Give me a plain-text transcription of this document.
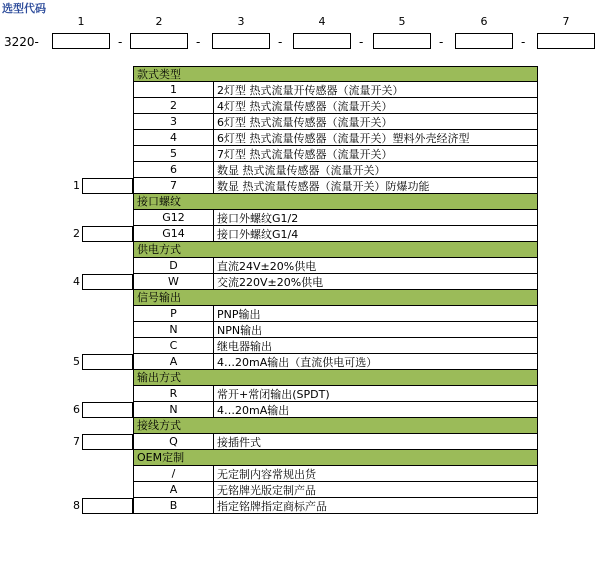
选型代码
3220-
1
-
2
-
3
-
4
-
5
-
6
-
7
款式类型
1	2灯型 热式流量开传感器（流量开关）
2	4灯型 热式流量传感器（流量开关）
3	6灯型 热式流量传感器（流量开关）
4	6灯型 热式流量传感器（流量开关）塑料外壳经济型
5	7灯型 热式流量传感器（流量开关）
6	数显 热式流量传感器（流量开关）
7	数显 热式流量传感器（流量开关）防爆功能
接口螺纹
G12	接口外螺纹G1/2
G14	接口外螺纹G1/4
供电方式
D	直流24V±20%供电
W	交流220V±20%供电
信号输出
P	PNP输出
N	NPN输出
C	继电器输出
A	4…20mA输出（直流供电可选）
输出方式
R	常开+常闭输出(SPDT)
N	4…20mA输出
接线方式
Q	接插件式
OEM定制
/	无定制内容常规出货
A	无铭牌光版定制产品
B	指定铭牌指定商标产品
1
2
4
5
6
7
8
